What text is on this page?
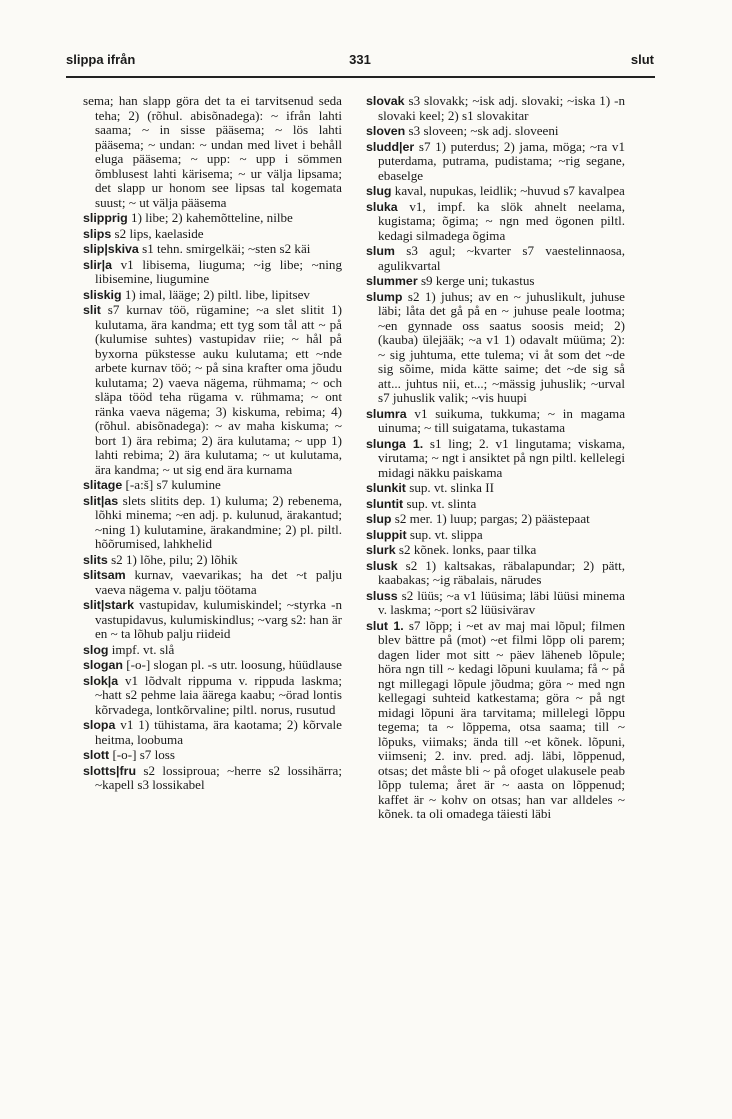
slippa ifrån	331	slut

sema; han slapp göra det ta ei tarvitsenud seda teha; 2) (rõhul. abisõnadega): ~ ifrån lahti saama; ~ in sisse pääsema; ~ lös lahti pääsema; ~ undan: ~ undan med livet i behåll eluga pääsema; ~ upp: ~ upp i sömmen õmblusest lahti kärisema; ~ ur välja lipsama; det slapp ur honom see lipsas tal kogemata suust; ~ ut välja pääsema

slipprig 1) libe; 2) kahemõtteline, nilbe

slips s2 lips, kaelaside

slip|skiva s1 tehn. smirgelkäi; ~sten s2 käi

slir|a v1 libisema, liuguma; ~ig libe; ~ning libisemine, liugumine

sliskig 1) imal, lääge; 2) piltl. libe, lipitsev

slit s7 kurnav töö, rügamine; ~a slet slitit 1) kulutama, ära kandma; ett tyg som tål att ~ på (kulumise suhtes) vastupidav riie; ~ hål på byxorna pükstesse auku kulutama; ett ~nde arbete kurnav töö; ~ på sina krafter oma jõudu kulutama; 2) vaeva nägema, rühmama; ~ och släpa tööd teha rügama v. rühmama; ~ ont ränka vaeva nägema; 3) kiskuma, rebima; 4) (rõhul. abisõnadega): ~ av maha kiskuma; ~ bort 1) ära rebima; 2) ära kulutama; ~ upp 1) lahti rebima; 2) ära kulutama; ~ ut kulutama, ära kandma; ~ ut sig end ära kurnama

slitage [-a:š] s7 kulumine

slit|as slets slitits dep. 1) kuluma; 2) rebenema, lõhki minema; ~en adj. p. kulunud, ärakantud; ~ning 1) kulutamine, ärakandmine; 2) pl. piltl. hõõrumised, lahkhelid

slits s2 1) lõhe, pilu; 2) lõhik

slitsam kurnav, vaevarikas; ha det ~t palju vaeva nägema v. palju töötama

slit|stark vastupidav, kulumiskindel; ~styrka -n vastupidavus, kulumiskindlus; ~varg s2: han är en ~ ta lõhub palju riideid

slog impf. vt. slå

slogan [-o-] slogan pl. -s utr. loosung, hüüdlause

slok|a v1 lõdvalt rippuma v. rippuda laskma; ~hatt s2 pehme laia äärega kaabu; ~örad lontis kõrvadega, lontkõrvaline; piltl. norus, rusutud

slopa v1 1) tühistama, ära kaotama; 2) kõrvale heitma, loobuma

slott [-o-] s7 loss

slotts|fru s2 lossiproua; ~herre s2 lossihärra; ~kapell s3 lossikabel

slovak s3 slovakk; ~isk adj. slovaki; ~iska 1) -n slovaki keel; 2) s1 slovakitar

sloven s3 sloveen; ~sk adj. sloveeni

sludd|er s7 1) puterdus; 2) jama, möga; ~ra v1 puterdama, putrama, pudistama; ~rig segane, ebaselge

slug kaval, nupukas, leidlik; ~huvud s7 kavalpea

sluka v1, impf. ka slök ahnelt neelama, kugistama; õgima; ~ ngn med ögonen piltl. kedagi silmadega õgima

slum s3 agul; ~kvarter s7 vaestelinnaosa, agulikvartal

slummer s9 kerge uni; tukastus

slump s2 1) juhus; av en ~ juhuslikult, juhuse läbi; låta det gå på en ~ juhuse peale lootma; ~en gynnade oss saatus soosis meid; 2) (kauba) ülejääk; ~a v1 1) odavalt müüma; 2): ~ sig juhtuma, ette tulema; vi åt som det ~de sig sõime, mida kätte saime; det ~de sig så att... juhtus nii, et...; ~mässig juhuslik; ~urval s7 juhuslik valik; ~vis huupi

slumra v1 suikuma, tukkuma; ~ in magama uinuma; ~ till suigatama, tukastama

slunga 1. s1 ling; 2. v1 lingutama; viskama, virutama; ~ ngt i ansiktet på ngn piltl. kellelegi midagi näkku paiskama

slunkit sup. vt. slinka II

sluntit sup. vt. slinta

slup s2 mer. 1) luup; pargas; 2) päästepaat

sluppit sup. vt. slippa

slurk s2 kõnek. lonks, paar tilka

slusk s2 1) kaltsakas, räbalapundar; 2) pätt, kaabakas; ~ig räbalais, närudes

sluss s2 lüüs; ~a v1 lüüsima; läbi lüüsi minema v. laskma; ~port s2 lüüsivärav

slut 1. s7 lõpp; i ~et av maj mai lõpul; filmen blev bättre på (mot) ~et filmi lõpp oli parem; dagen lider mot sitt ~ päev läheneb lõpule; höra ngn till ~ kedagi lõpuni kuulama; få ~ på ngt millegagi lõpule jõudma; göra ~ med ngn kellegagi suhteid katkestama; göra ~ på ngt midagi lõpuni ära tarvitama; millelegi lõppu tegema; ta ~ lõppema, otsa saama; till ~ lõpuks, viimaks; ända till ~et kõnek. lõpuni, viimseni; 2. inv. pred. adj. läbi, lõppenud, otsas; det måste bli ~ på ofoget ulakusele peab lõpp tulema; året är ~ aasta on lõppenud; kaffet är ~ kohv on otsas; han var alldeles ~ kõnek. ta oli omadega täiesti läbi
